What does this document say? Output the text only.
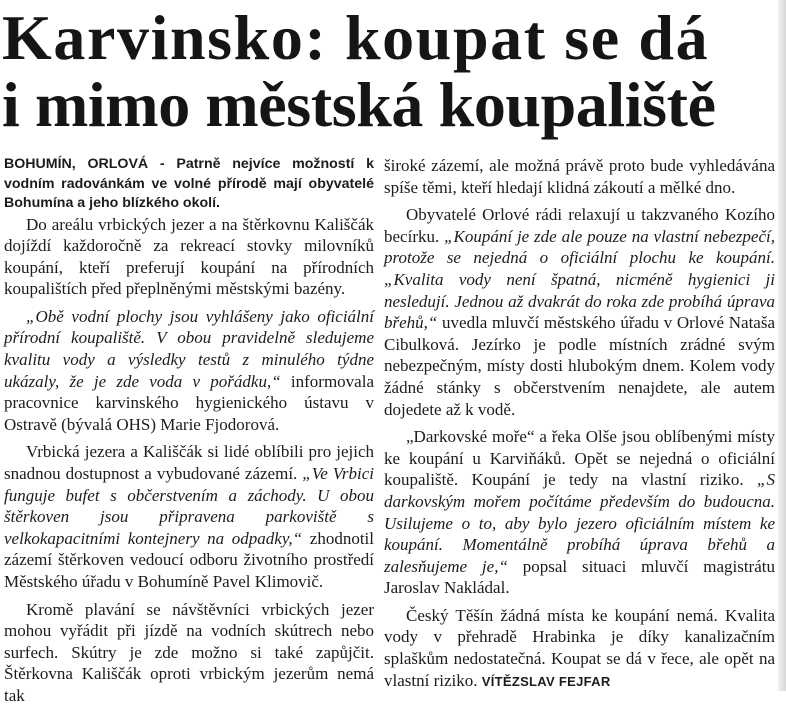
Karvinsko: koupat se dá
i mimo městská koupaliště

BOHUMÍN, ORLOVÁ - Patrně nejvíce možností k vodním radovánkám ve volné přírodě mají obyvatelé Bohumína a jeho blízkého okolí.

Do areálu vrbických jezer a na štěrkovnu Kališčák dojíždí každoročně za rekreací stovky milovníků koupání, kteří preferují koupání na přírodních koupalištích před přeplněnými městskými bazény.

„Obě vodní plochy jsou vyhlášeny jako oficiální přírodní koupaliště. V obou pravidelně sledujeme kvalitu vody a výsledky testů z minulého týdne ukázaly, že je zde voda v pořádku,“ informovala pracovnice karvinského hygienického ústavu v Ostravě (bývalá OHS) Marie Fjodorová.

Vrbická jezera a Kališčák si lidé oblíbili pro jejich snadnou dostupnost a vybudované zázemí. „Ve Vrbici funguje bufet s občerstvením a záchody. U obou štěrkoven jsou připravena parkoviště s velkokapacitními kontejnery na odpadky,“ zhodnotil zázemí štěrkoven vedoucí odboru životního prostředí Městského úřadu v Bohumíně Pavel Klimovič.

Kromě plavání se návštěvníci vrbických jezer mohou vyřádit při jízdě na vodních skútrech nebo surfech. Skútry je zde možno si také zapůjčit. Štěrkovna Kališčák oproti vrbickým jezerům nemá tak

široké zázemí, ale možná právě proto bude vyhledávána spíše těmi, kteří hledají klidná zákoutí a mělké dno.

Obyvatelé Orlové rádi relaxují u takzvaného Kozího becírku. „Koupání je zde ale pouze na vlastní nebezpečí, protože se nejedná o oficiální plochu ke koupání. „Kvalita vody není špatná, nicméně hygienici ji nesledují. Jednou až dvakrát do roka zde probíhá úprava břehů,“ uvedla mluvčí městského úřadu v Orlové Nataša Cibulková. Jezírko je podle místních zrádné svým nebezpečným, místy dosti hlubokým dnem. Kolem vody žádné stánky s občerstvením nenajdete, ale autem dojedete až k vodě.

„Darkovské moře“ a řeka Olše jsou oblíbenými místy ke koupání u Karviňáků. Opět se nejedná o oficiální koupaliště. Koupání je tedy na vlastní riziko. „S darkovským mořem počítáme především do budoucna. Usilujeme o to, aby bylo jezero oficiálním místem ke koupání. Momentálně probíhá úprava břehů a zalesňujeme je,“ popsal situaci mluvčí magistrátu Jaroslav Nakládal.

Český Těšín žádná místa ke koupání nemá. Kvalita vody v přehradě Hrabinka je díky kanalizačním splaškům nedostatečná. Koupat se dá v řece, ale opět na vlastní riziko. VÍTĚZSLAV FEJFAR
